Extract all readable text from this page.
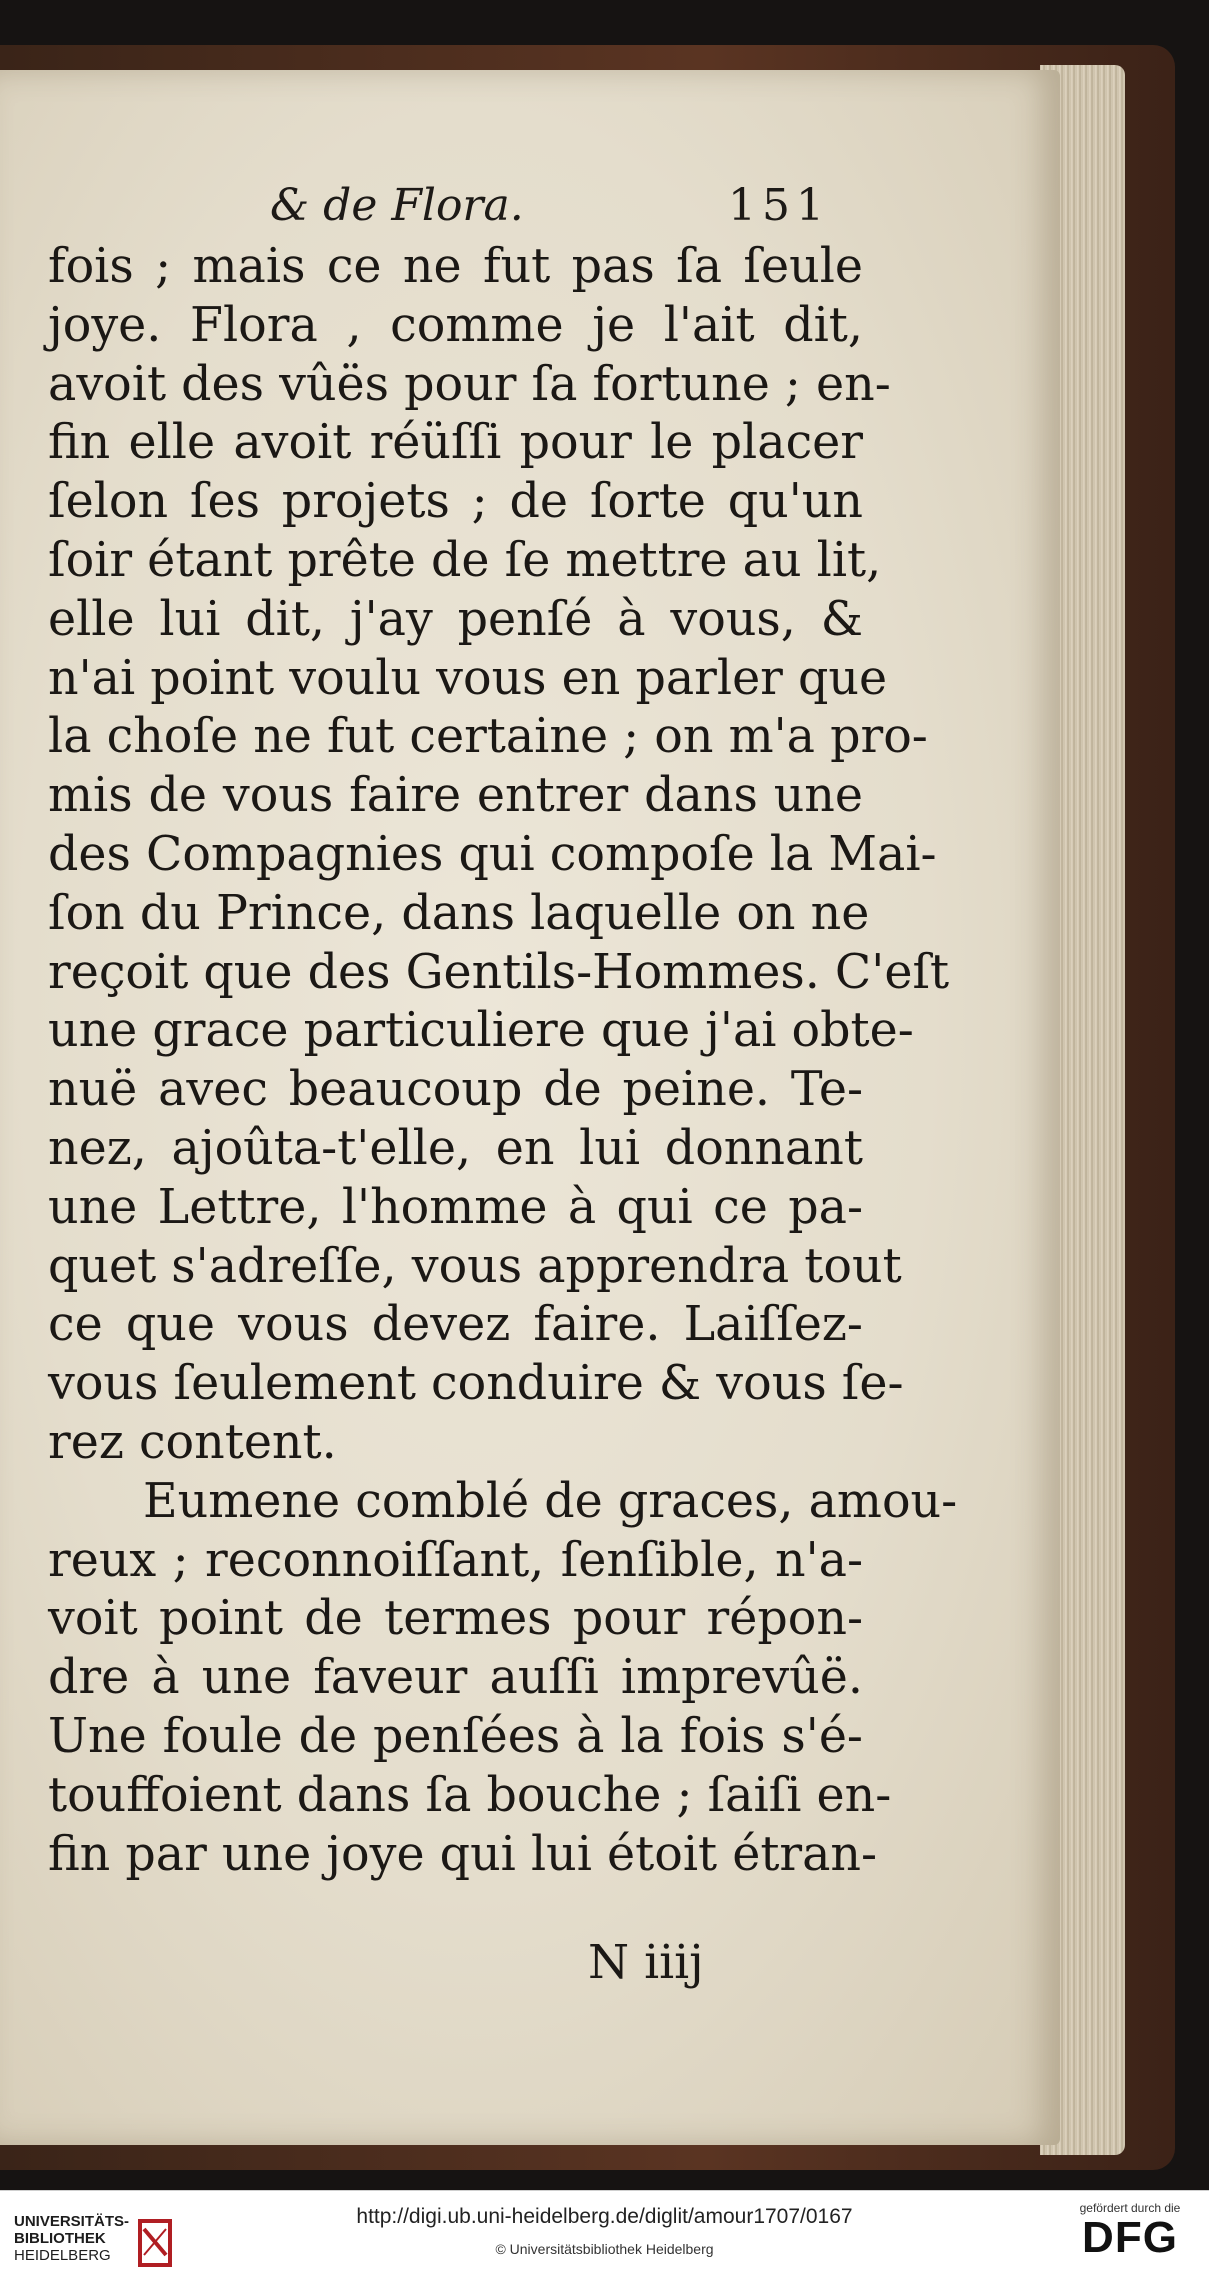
& de Flora.	151
fois ; mais ce ne fut pas ſa ſeule
joye. Flora , comme je l'ait dit,
avoit des vûës pour ſa fortune ; en-
fin elle avoit réüſſi pour le placer
ſelon ſes projets ; de ſorte qu'un
ſoir étant prête de ſe mettre au lit,
elle lui dit, j'ay penſé à vous, &
n'ai point voulu vous en parler que
la choſe ne fut certaine ; on m'a pro-
mis de vous faire entrer dans une
des Compagnies qui compoſe la Mai-
ſon du Prince, dans laquelle on ne
reçoit que des Gentils-Hommes. C'eſt
une grace particuliere que j'ai obte-
nuë avec beaucoup de peine. Te-
nez, ajoûta-t'elle, en lui donnant
une Lettre, l'homme à qui ce pa-
quet s'adreſſe, vous apprendra tout
ce que vous devez faire. Laiſſez-
vous ſeulement conduire & vous ſe-
rez content.
Eumene comblé de graces, amou-
reux ; reconnoiſſant, ſenſible, n'a-
voit point de termes pour répon-
dre à une faveur auſſi imprevûë.
Une foule de penſées à la fois s'é-
touffoient dans ſa bouche ; ſaiſi en-
fin par une joye qui lui étoit étran-
N iiij
UNIVERSITÄTS-
BIBLIOTHEK
HEIDELBERG
http://digi.ub.uni-heidelberg.de/diglit/amour1707/0167
© Universitätsbibliothek Heidelberg
gefördert durch die
DFG
